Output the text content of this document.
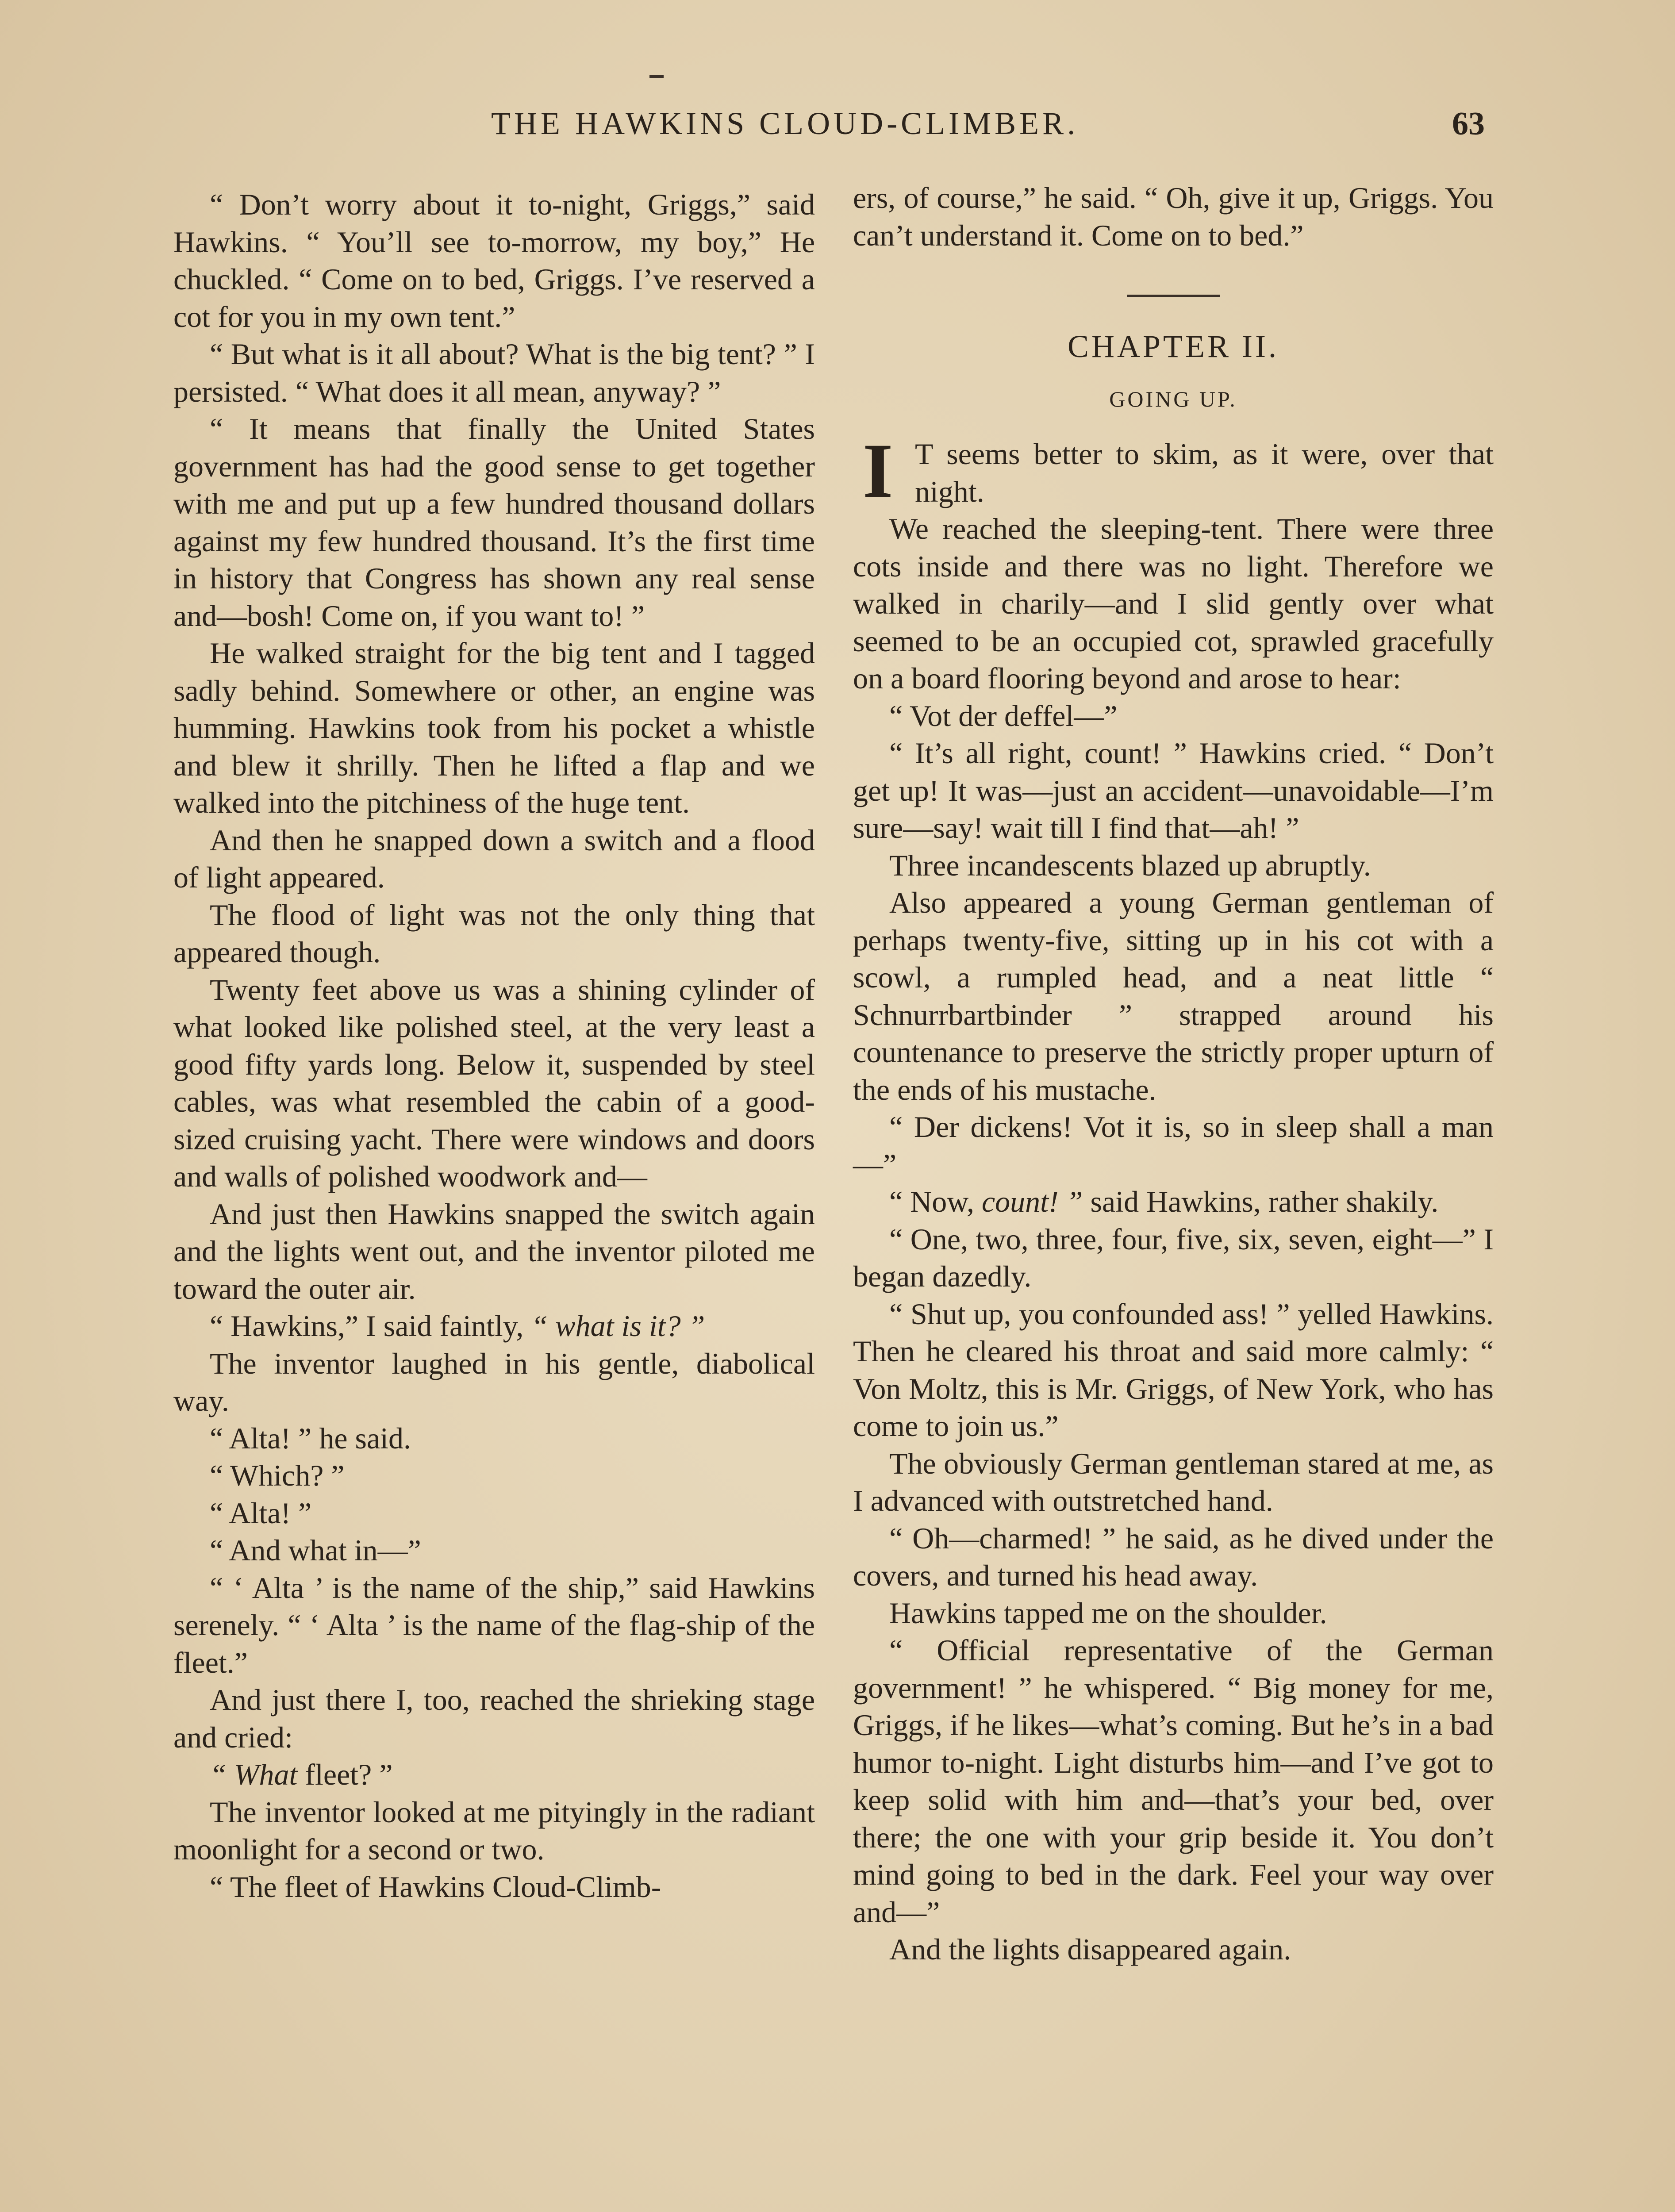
THE HAWKINS CLOUD-CLIMBER.	63

“ Don’t worry about it to-night, Griggs,” said Hawkins. “ You’ll see to-morrow, my boy,” He chuckled. “ Come on to bed, Griggs. I’ve reserved a cot for you in my own tent.”

“ But what is it all about? What is the big tent? ” I persisted. “ What does it all mean, anyway? ”

“ It means that finally the United States government has had the good sense to get together with me and put up a few hundred thousand dollars against my few hundred thousand. It’s the first time in history that Congress has shown any real sense and—bosh! Come on, if you want to! ”

He walked straight for the big tent and I tagged sadly behind. Somewhere or other, an engine was humming. Hawkins took from his pocket a whistle and blew it shrilly. Then he lifted a flap and we walked into the pitchiness of the huge tent.

And then he snapped down a switch and a flood of light appeared.

The flood of light was not the only thing that appeared though.

Twenty feet above us was a shining cylinder of what looked like polished steel, at the very least a good fifty yards long. Below it, suspended by steel cables, was what resembled the cabin of a good-sized cruising yacht. There were windows and doors and walls of polished woodwork and—

And just then Hawkins snapped the switch again and the lights went out, and the inventor piloted me toward the outer air.

“ Hawkins,” I said faintly, “ what is it? ”

The inventor laughed in his gentle, diabolical way.

“ Alta! ” he said.

“ Which? ”

“ Alta! ”

“ And what in—”

“ ‘ Alta ’ is the name of the ship,” said Hawkins serenely. “ ‘ Alta ’ is the name of the flag-ship of the fleet.”

And just there I, too, reached the shrieking stage and cried:

“ What fleet? ”

The inventor looked at me pityingly in the radiant moonlight for a second or two.

“ The fleet of Hawkins Cloud-Climb-

ers, of course,” he said. “ Oh, give it up, Griggs. You can’t understand it. Come on to bed.”

CHAPTER II.
GOING UP.

I T seems better to skim, as it were, over that night.

We reached the sleeping-tent. There were three cots inside and there was no light. Therefore we walked in charily—and I slid gently over what seemed to be an occupied cot, sprawled gracefully on a board flooring beyond and arose to hear:

“ Vot der deffel—”

“ It’s all right, count! ” Hawkins cried. “ Don’t get up! It was—just an accident—unavoidable—I’m sure—say! wait till I find that—ah! ”

Three incandescents blazed up abruptly.

Also appeared a young German gentleman of perhaps twenty-five, sitting up in his cot with a scowl, a rumpled head, and a neat little “ Schnurrbartbinder ” strapped around his countenance to preserve the strictly proper upturn of the ends of his mustache.

“ Der dickens! Vot it is, so in sleep shall a man—”

“ Now, count! ” said Hawkins, rather shakily.

“ One, two, three, four, five, six, seven, eight—” I began dazedly.

“ Shut up, you confounded ass! ” yelled Hawkins. Then he cleared his throat and said more calmly: “ Von Moltz, this is Mr. Griggs, of New York, who has come to join us.”

The obviously German gentleman stared at me, as I advanced with outstretched hand.

“ Oh—charmed! ” he said, as he dived under the covers, and turned his head away.

Hawkins tapped me on the shoulder.

“ Official representative of the German government! ” he whispered. “ Big money for me, Griggs, if he likes—what’s coming. But he’s in a bad humor to-night. Light disturbs him—and I’ve got to keep solid with him and—that’s your bed, over there; the one with your grip beside it. You don’t mind going to bed in the dark. Feel your way over and—”

And the lights disappeared again.
